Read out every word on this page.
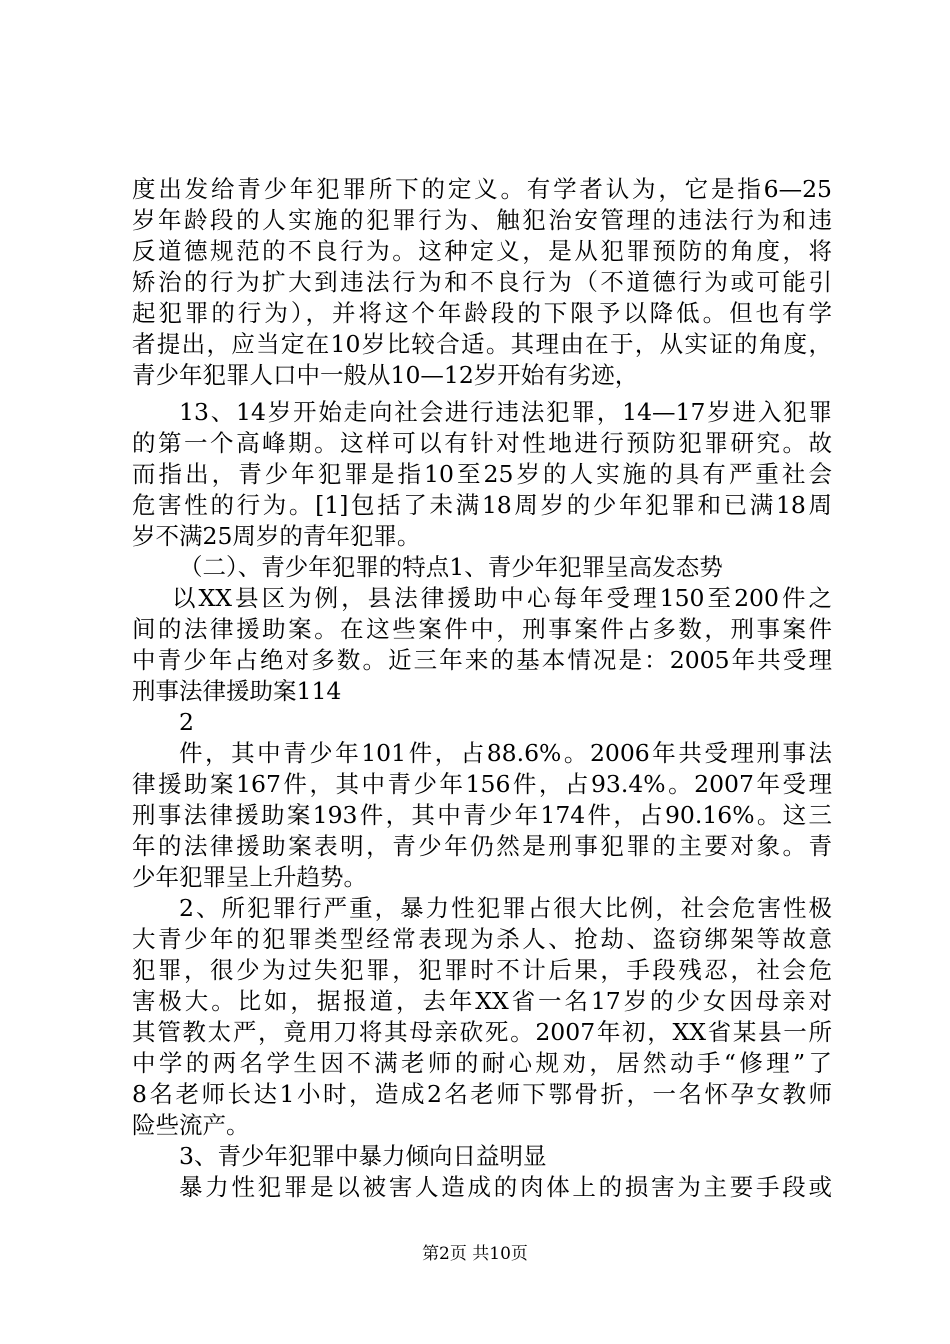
度出发给青少年犯罪所下的定义。有学者认为，它是指6—25
岁年龄段的人实施的犯罪行为、触犯治安管理的违法行为和违
反道德规范的不良行为。这种定义，是从犯罪预防的角度，将
矫治的行为扩大到违法行为和不良行为（不道德行为或可能引
起犯罪的行为），并将这个年龄段的下限予以降低。但也有学
者提出，应当定在10岁比较合适。其理由在于，从实证的角度，
青少年犯罪人口中一般从10—12岁开始有劣迹，
13、14岁开始走向社会进行违法犯罪，14—17岁进入犯罪
的第一个高峰期。这样可以有针对性地进行预防犯罪研究。故
而指出，青少年犯罪是指10至25岁的人实施的具有严重社会
危害性的行为。[1]包括了未满18周岁的少年犯罪和已满18周
岁不满25周岁的青年犯罪。
（二）、青少年犯罪的特点1、青少年犯罪呈高发态势
以XX县区为例，县法律援助中心每年受理150至200件之
间的法律援助案。在这些案件中，刑事案件占多数，刑事案件
中青少年占绝对多数。近三年来的基本情况是：2005年共受理
刑事法律援助案114
2
件，其中青少年101件，占88.6%。2006年共受理刑事法
律援助案167件，其中青少年156件，占93.4%。2007年受理
刑事法律援助案193件，其中青少年174件，占90.16%。这三
年的法律援助案表明，青少年仍然是刑事犯罪的主要对象。青
少年犯罪呈上升趋势。
2、所犯罪行严重，暴力性犯罪占很大比例，社会危害性极
大青少年的犯罪类型经常表现为杀人、抢劫、盗窃绑架等故意
犯罪，很少为过失犯罪，犯罪时不计后果，手段残忍，社会危
害极大。比如，据报道，去年XX省一名17岁的少女因母亲对
其管教太严，竟用刀将其母亲砍死。2007年初，XX省某县一所
中学的两名学生因不满老师的耐心规劝，居然动手“修理”了
8名老师长达1小时，造成2名老师下鄂骨折，一名怀孕女教师
险些流产。
3、青少年犯罪中暴力倾向日益明显
暴力性犯罪是以被害人造成的肉体上的损害为主要手段或
第2页 共10页
